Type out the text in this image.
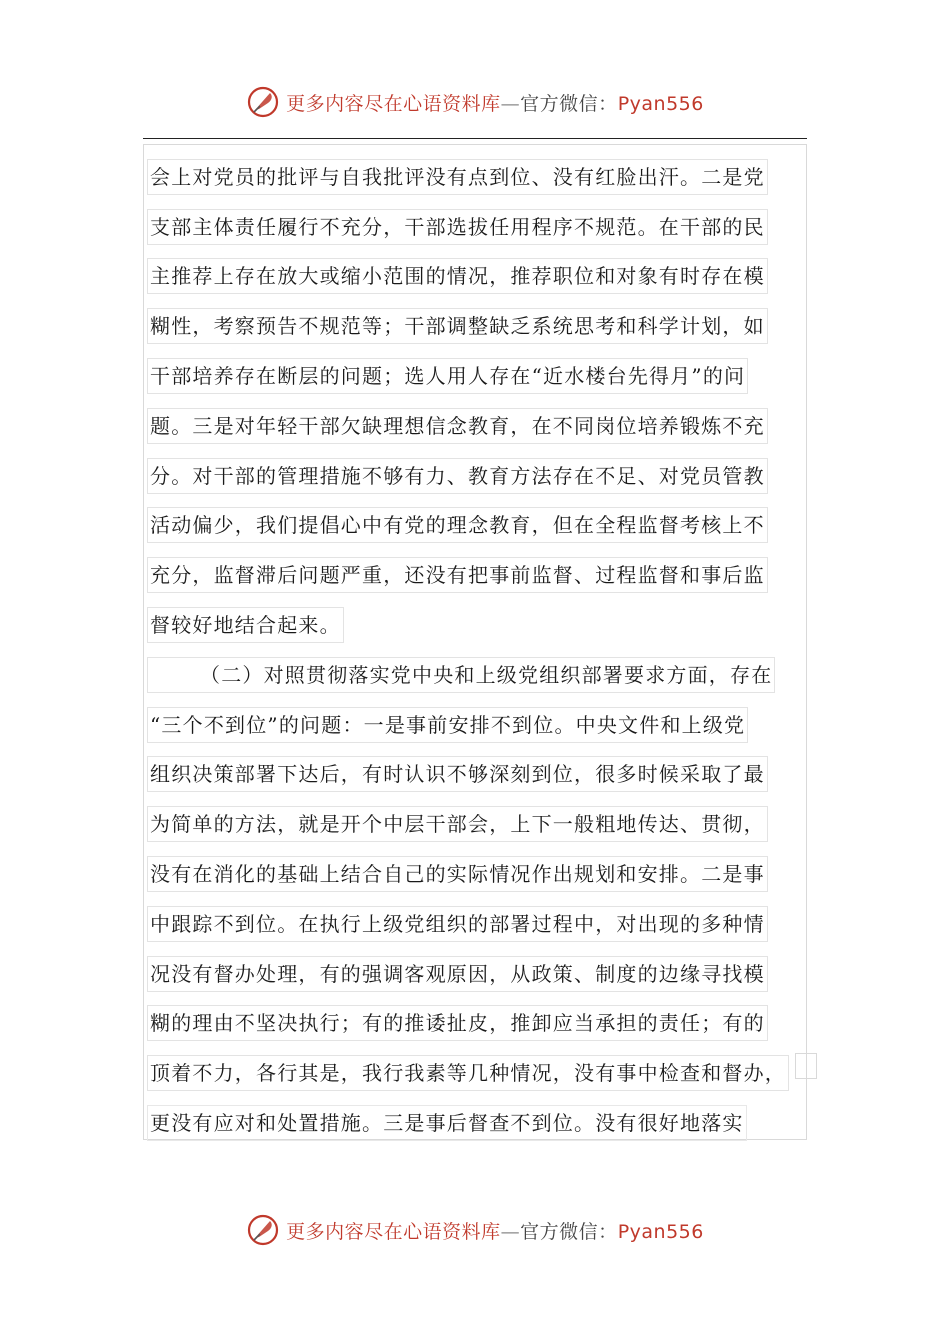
更多内容尽在心语资料库—官方微信：Pyan556
会上对党员的批评与自我批评没有点到位、没有红脸出汗。二是党
支部主体责任履行不充分，干部选拔任用程序不规范。在干部的民
主推荐上存在放大或缩小范围的情况，推荐职位和对象有时存在模
糊性，考察预告不规范等；干部调整缺乏系统思考和科学计划，如
干部培养存在断层的问题；选人用人存在“近水楼台先得月”的问
题。三是对年轻干部欠缺理想信念教育，在不同岗位培养锻炼不充
分。对干部的管理措施不够有力、教育方法存在不足、对党员管教
活动偏少，我们提倡心中有党的理念教育，但在全程监督考核上不
充分，监督滞后问题严重，还没有把事前监督、过程监督和事后监
督较好地结合起来。
（二）对照贯彻落实党中央和上级党组织部署要求方面，存在
“三个不到位”的问题：一是事前安排不到位。中央文件和上级党
组织决策部署下达后，有时认识不够深刻到位，很多时候采取了最
为简单的方法，就是开个中层干部会，上下一般粗地传达、贯彻，
没有在消化的基础上结合自己的实际情况作出规划和安排。二是事
中跟踪不到位。在执行上级党组织的部署过程中，对出现的多种情
况没有督办处理，有的强调客观原因，从政策、制度的边缘寻找模
糊的理由不坚决执行；有的推诿扯皮，推卸应当承担的责任；有的
顶着不力，各行其是，我行我素等几种情况，没有事中检查和督办，
更没有应对和处置措施。三是事后督查不到位。没有很好地落实
更多内容尽在心语资料库—官方微信：Pyan556
